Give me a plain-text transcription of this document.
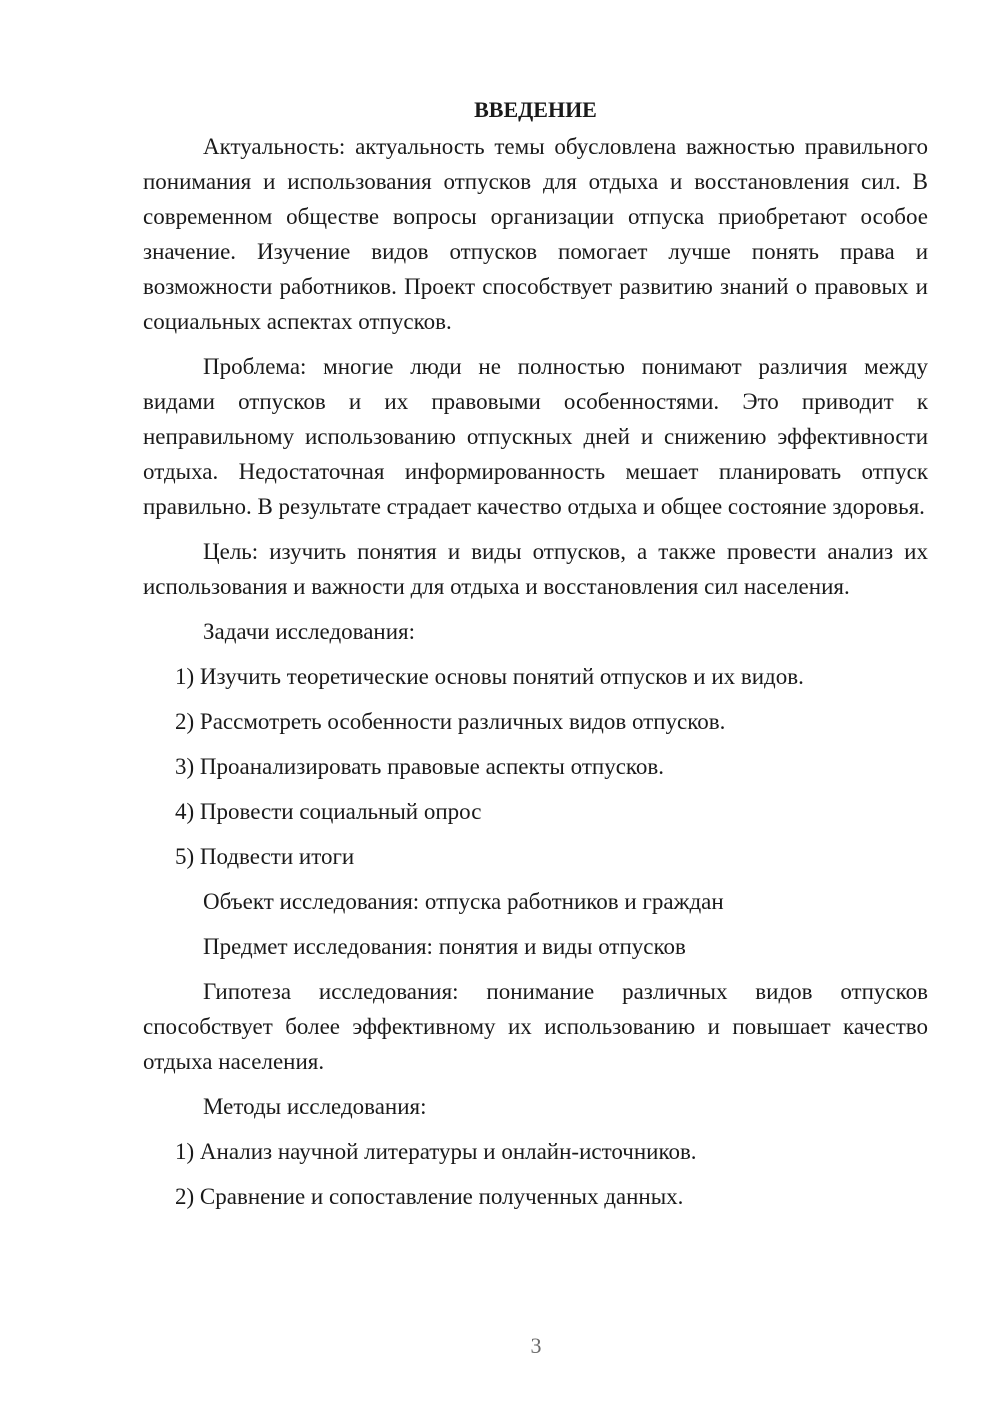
ВВЕДЕНИЕ
Актуальность: актуальность темы обусловлена важностью правильного понимания и использования отпусков для отдыха и восстановления сил. В современном обществе вопросы организации отпуска приобретают особое значение. Изучение видов отпусков помогает лучше понять права и возможности работников. Проект способствует развитию знаний о правовых и социальных аспектах отпусков.
Проблема: многие люди не полностью понимают различия между видами отпусков и их правовыми особенностями. Это приводит к неправильному использованию отпускных дней и снижению эффективности отдыха. Недостаточная информированность мешает планировать отпуск правильно. В результате страдает качество отдыха и общее состояние здоровья.
Цель: изучить понятия и виды отпусков, а также провести анализ их использования и важности для отдыха и восстановления сил населения.
Задачи исследования:
1) Изучить теоретические основы понятий отпусков и их видов.
2) Рассмотреть особенности различных видов отпусков.
3) Проанализировать правовые аспекты отпусков.
4) Провести социальный опрос
5) Подвести итоги
Объект исследования: отпуска работников и граждан
Предмет исследования: понятия и виды отпусков
Гипотеза исследования: понимание различных видов отпусков способствует более эффективному их использованию и повышает качество отдыха населения.
Методы исследования:
1) Анализ научной литературы и онлайн-источников.
2) Сравнение и сопоставление полученных данных.
3
